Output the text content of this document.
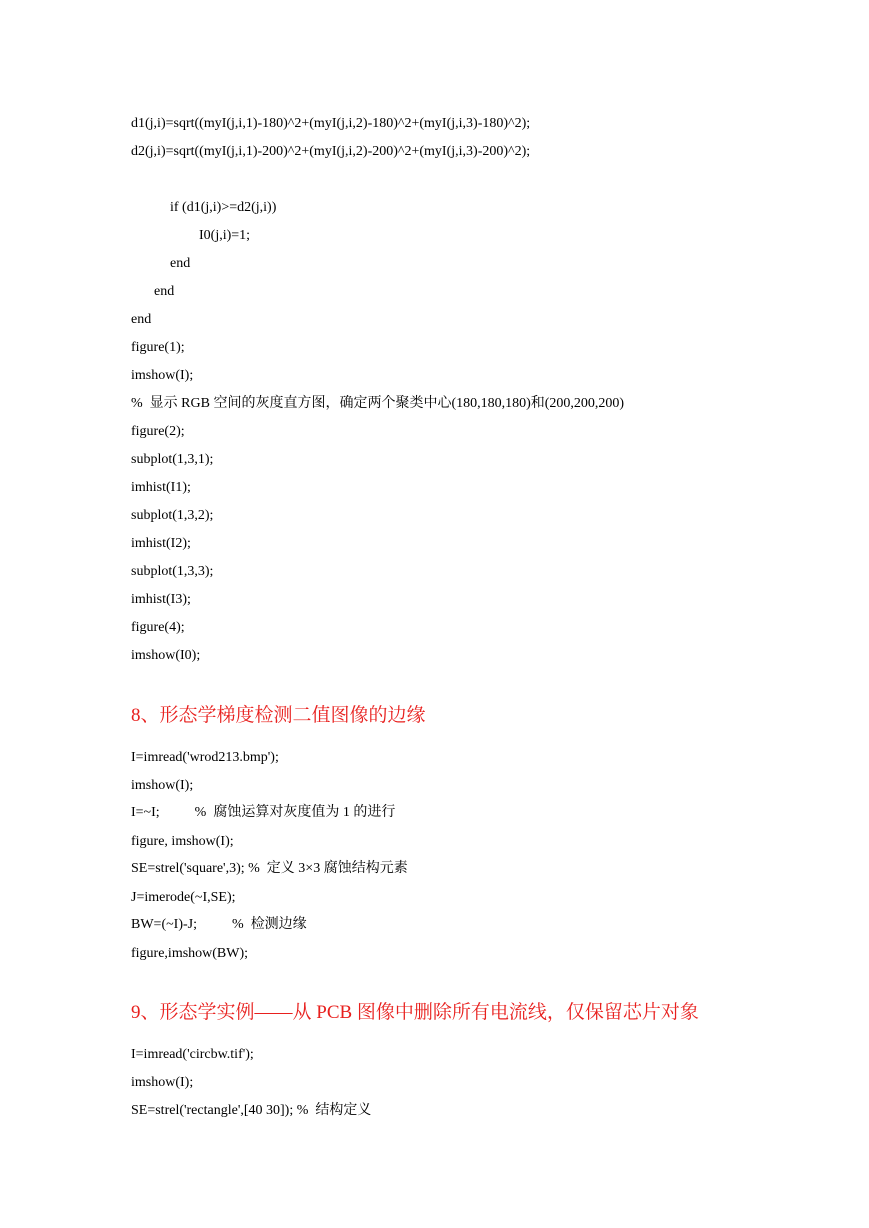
d1(j,i)=sqrt((myI(j,i,1)-180)^2+(myI(j,i,2)-180)^2+(myI(j,i,3)-180)^2);
d2(j,i)=sqrt((myI(j,i,1)-200)^2+(myI(j,i,2)-200)^2+(myI(j,i,3)-200)^2);
if (d1(j,i)>=d2(j,i))
I0(j,i)=1;
end
end
end
figure(1);
imshow(I);
%  显示 RGB 空间的灰度直方图，确定两个聚类中心(180,180,180)和(200,200,200)
figure(2);
subplot(1,3,1);
imhist(I1);
subplot(1,3,2);
imhist(I2);
subplot(1,3,3);
imhist(I3);
figure(4);
imshow(I0);
8、形态学梯度检测二值图像的边缘
I=imread('wrod213.bmp');
imshow(I);
I=~I;          %  腐蚀运算对灰度值为 1 的进行
figure, imshow(I);
SE=strel('square',3); %  定义 3×3 腐蚀结构元素
J=imerode(~I,SE);
BW=(~I)-J;          %  检测边缘
figure,imshow(BW);
9、形态学实例——从 PCB 图像中删除所有电流线，仅保留芯片对象
I=imread('circbw.tif');
imshow(I);
SE=strel('rectangle',[40 30]); %  结构定义
